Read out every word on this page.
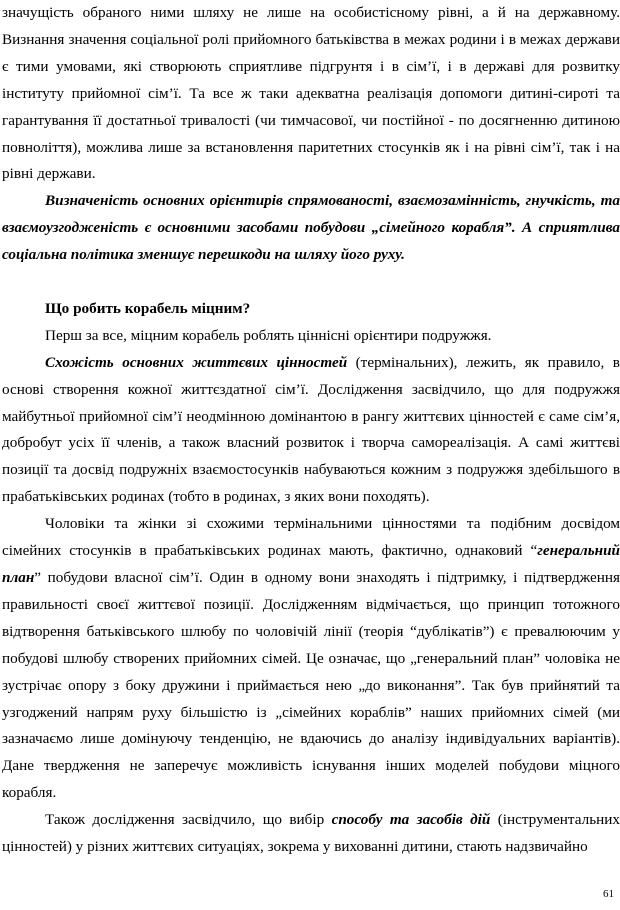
значущість обраного ними шляху не лише на особистісному рівні, а й на державному. Визнання значення соціальної ролі прийомного батьківства в межах родини і в межах держави є тими умовами, які створюють сприятливе підгрунтя і в сім’ї, і в державі для розвитку інституту прийомної сім’ї. Та все ж таки адекватна реалізація допомоги дитині-сироті та гарантування її достатньої тривалості (чи тимчасової, чи постійної - по досягненню дитиною повноліття), можлива лише за встановлення паритетних стосунків як і на рівні сім’ї, так і на рівні держави.

Визначеність основних орієнтирів спрямованості, взаємозамінність, гнучкість, та взаємоузгодженість є основними засобами побудови „сімейного корабля”. А сприятлива соціальна політика зменшує перешкоди на шляху його руху.

Що робить корабель міцним?

Перш за все, міцним корабель роблять ціннісні орієнтири подружжя.

Схожість основних життєвих цінностей (термінальних), лежить, як правило, в основі створення кожної життєздатної сім’ї. Дослідження засвідчило, що для подружжя майбутньої прийомної сім’ї неодмінною домінантою в рангу життєвих цінностей є саме сім’я, добробут усіх її членів, а також власний розвиток і творча самореалізація. А самі життєві позиції та досвід подружніх взаємостосунків набуваються кожним з подружжя здебільшого в прабатьківських родинах (тобто в родинах, з яких вони походять).

Чоловіки та жінки зі схожими термінальними цінностями та подібним досвідом сімейних стосунків в прабатьківських родинах мають, фактично, однаковий “генеральний план” побудови власної сім’ї. Один в одному вони знаходять і підтримку, і підтвердження правильності своєї життєвої позиції. Дослідженням відмічається, що принцип тотожного відтворення батьківського шлюбу по чоловічій лінії (теорія “дублікатів”) є превалюючим у побудові шлюбу створених прийомних сімей. Це означає, що „генеральний план” чоловіка не зустрічає опору з боку дружини і приймається нею „до виконання”. Так був прийнятий та узгоджений напрям руху більшістю із „сімейних кораблів” наших прийомних сімей (ми зазначаємо лише домінуючу тенденцію, не вдаючись до аналізу індивідуальних варіантів). Дане твердження не заперечує можливість існування інших моделей побудови міцного корабля.

Також дослідження засвідчило, що вибір способу та засобів дій (інструментальних цінностей) у різних життєвих ситуаціях, зокрема у вихованні дитини, стають надзвичайно

61
